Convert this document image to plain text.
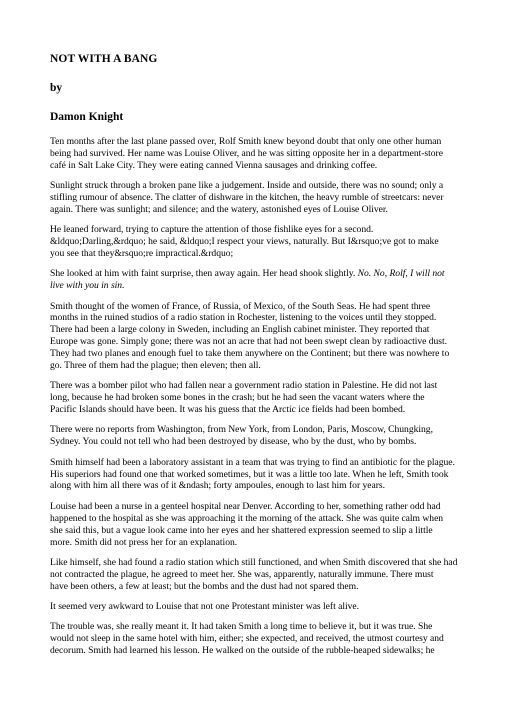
NOT WITH A BANG
by
Damon Knight
Ten months after the last plane passed over, Rolf Smith knew beyond doubt that only one other human
being had survived. Her name was Louise Oliver, and he was sitting opposite her in a department-store
café in Salt Lake City. They were eating canned Vienna sausages and drinking coffee.
Sunlight struck through a broken pane like a judgement. Inside and outside, there was no sound; only a
stifling rumour of absence. The clatter of dishware in the kitchen, the heavy rumble of streetcars: never
again. There was sunlight; and silence; and the watery, astonished eyes of Louise Oliver.
He leaned forward, trying to capture the attention of those fishlike eyes for a second.
&ldquo;Darling,&rdquo; he said, &ldquo;I respect your views, naturally. But I&rsquo;ve got to make
you see that they&rsquo;re impractical.&rdquo;
She looked at him with faint surprise, then away again. Her head shook slightly. No. No, Rolf, I will not
live with you in sin.
Smith thought of the women of France, of Russia, of Mexico, of the South Seas. He had spent three
months in the ruined studios of a radio station in Rochester, listening to the voices until they stopped.
There had been a large colony in Sweden, including an English cabinet minister. They reported that
Europe was gone. Simply gone; there was not an acre that had not been swept clean by radioactive dust.
They had two planes and enough fuel to take them anywhere on the Continent; but there was nowhere to
go. Three of them had the plague; then eleven; then all.
There was a bomber pilot who had fallen near a government radio station in Palestine. He did not last
long, because he had broken some bones in the crash; but he had seen the vacant waters where the
Pacific Islands should have been. It was his guess that the Arctic ice fields had been bombed.
There were no reports from Washington, from New York, from London, Paris, Moscow, Chungking,
Sydney. You could not tell who had been destroyed by disease, who by the dust, who by bombs.
Smith himself had been a laboratory assistant in a team that was trying to find an antibiotic for the plague.
His superiors had found one that worked sometimes, but it was a little too late. When he left, Smith took
along with him all there was of it &ndash; forty ampoules, enough to last him for years.
Louise had been a nurse in a genteel hospital near Denver. According to her, something rather odd had
happened to the hospital as she was approaching it the morning of the attack. She was quite calm when
she said this, but a vague look came into her eyes and her shattered expression seemed to slip a little
more. Smith did not press her for an explanation.
Like himself, she had found a radio station which still functioned, and when Smith discovered that she had
not contracted the plague, he agreed to meet her. She was, apparently, naturally immune. There must
have been others, a few at least; but the bombs and the dust had not spared them.
It seemed very awkward to Louise that not one Protestant minister was left alive.
The trouble was, she really meant it. It had taken Smith a long time to believe it, but it was true. She
would not sleep in the same hotel with him, either; she expected, and received, the utmost courtesy and
decorum. Smith had learned his lesson. He walked on the outside of the rubble-heaped sidewalks; he
